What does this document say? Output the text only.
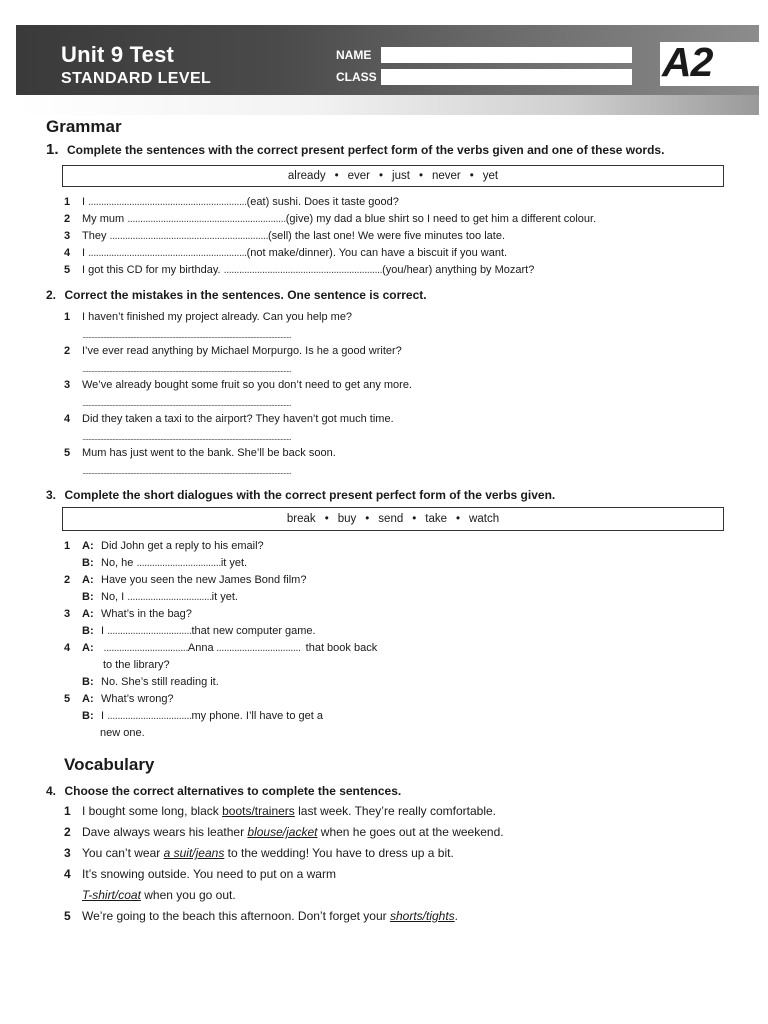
Unit 9 Test
STANDARD LEVEL
NAME
CLASS	A2
Grammar
1. Complete the sentences with the correct present perfect form of the verbs given and one of these words.
already • ever • just • never • yet
1 I ..............................................................(eat) sushi. Does it taste good?
2 My mum ..............................................................(give) my dad a blue shirt so I need to get him a different colour.
3 They ..............................................................(sell) the last one! We were five minutes too late.
4 I ..............................................................(not make/dinner). You can have a biscuit if you want.
5 I got this CD for my birthday. ..............................................................(you/hear) anything by Mozart?
2. Correct the mistakes in the sentences. One sentence is correct.
1 I haven’t finished my project already. Can you help me?
...........................................................................................................................................
2 I’ve ever read anything by Michael Morpurgo. Is he a good writer?
...........................................................................................................................................
3 We’ve already bought some fruit so you don’t need to get any more.
...........................................................................................................................................
4 Did they taken a taxi to the airport? They haven’t got much time.
...........................................................................................................................................
5 Mum has just went to the bank. She’ll be back soon.
...........................................................................................................................................
3. Complete the short dialogues with the correct present perfect form of the verbs given.
break • buy • send • take • watch
1 A: Did John get a reply to his email?
B: No, he .................................it yet.
2 A: Have you seen the new James Bond film?
B: No, I .................................it yet.
3 A: What’s in the bag?
B: I .................................that new computer game.
4 A: .................................Anna .................................  that book back
to the library?
B: No. She’s still reading it.
5 A: What’s wrong?
B: I .................................my phone. I’ll have to get a
new one.
Vocabulary
4. Choose the correct alternatives to complete the sentences.
1 I bought some long, black boots/trainers last week. They’re really comfortable.
2 Dave always wears his leather blouse/jacket when he goes out at the weekend.
3 You can’t wear a suit/jeans to the wedding! You have to dress up a bit.
4 It’s snowing outside. You need to put on a warm
T-shirt/coat when you go out.
5 We’re going to the beach this afternoon. Don’t forget your shorts/tights.
